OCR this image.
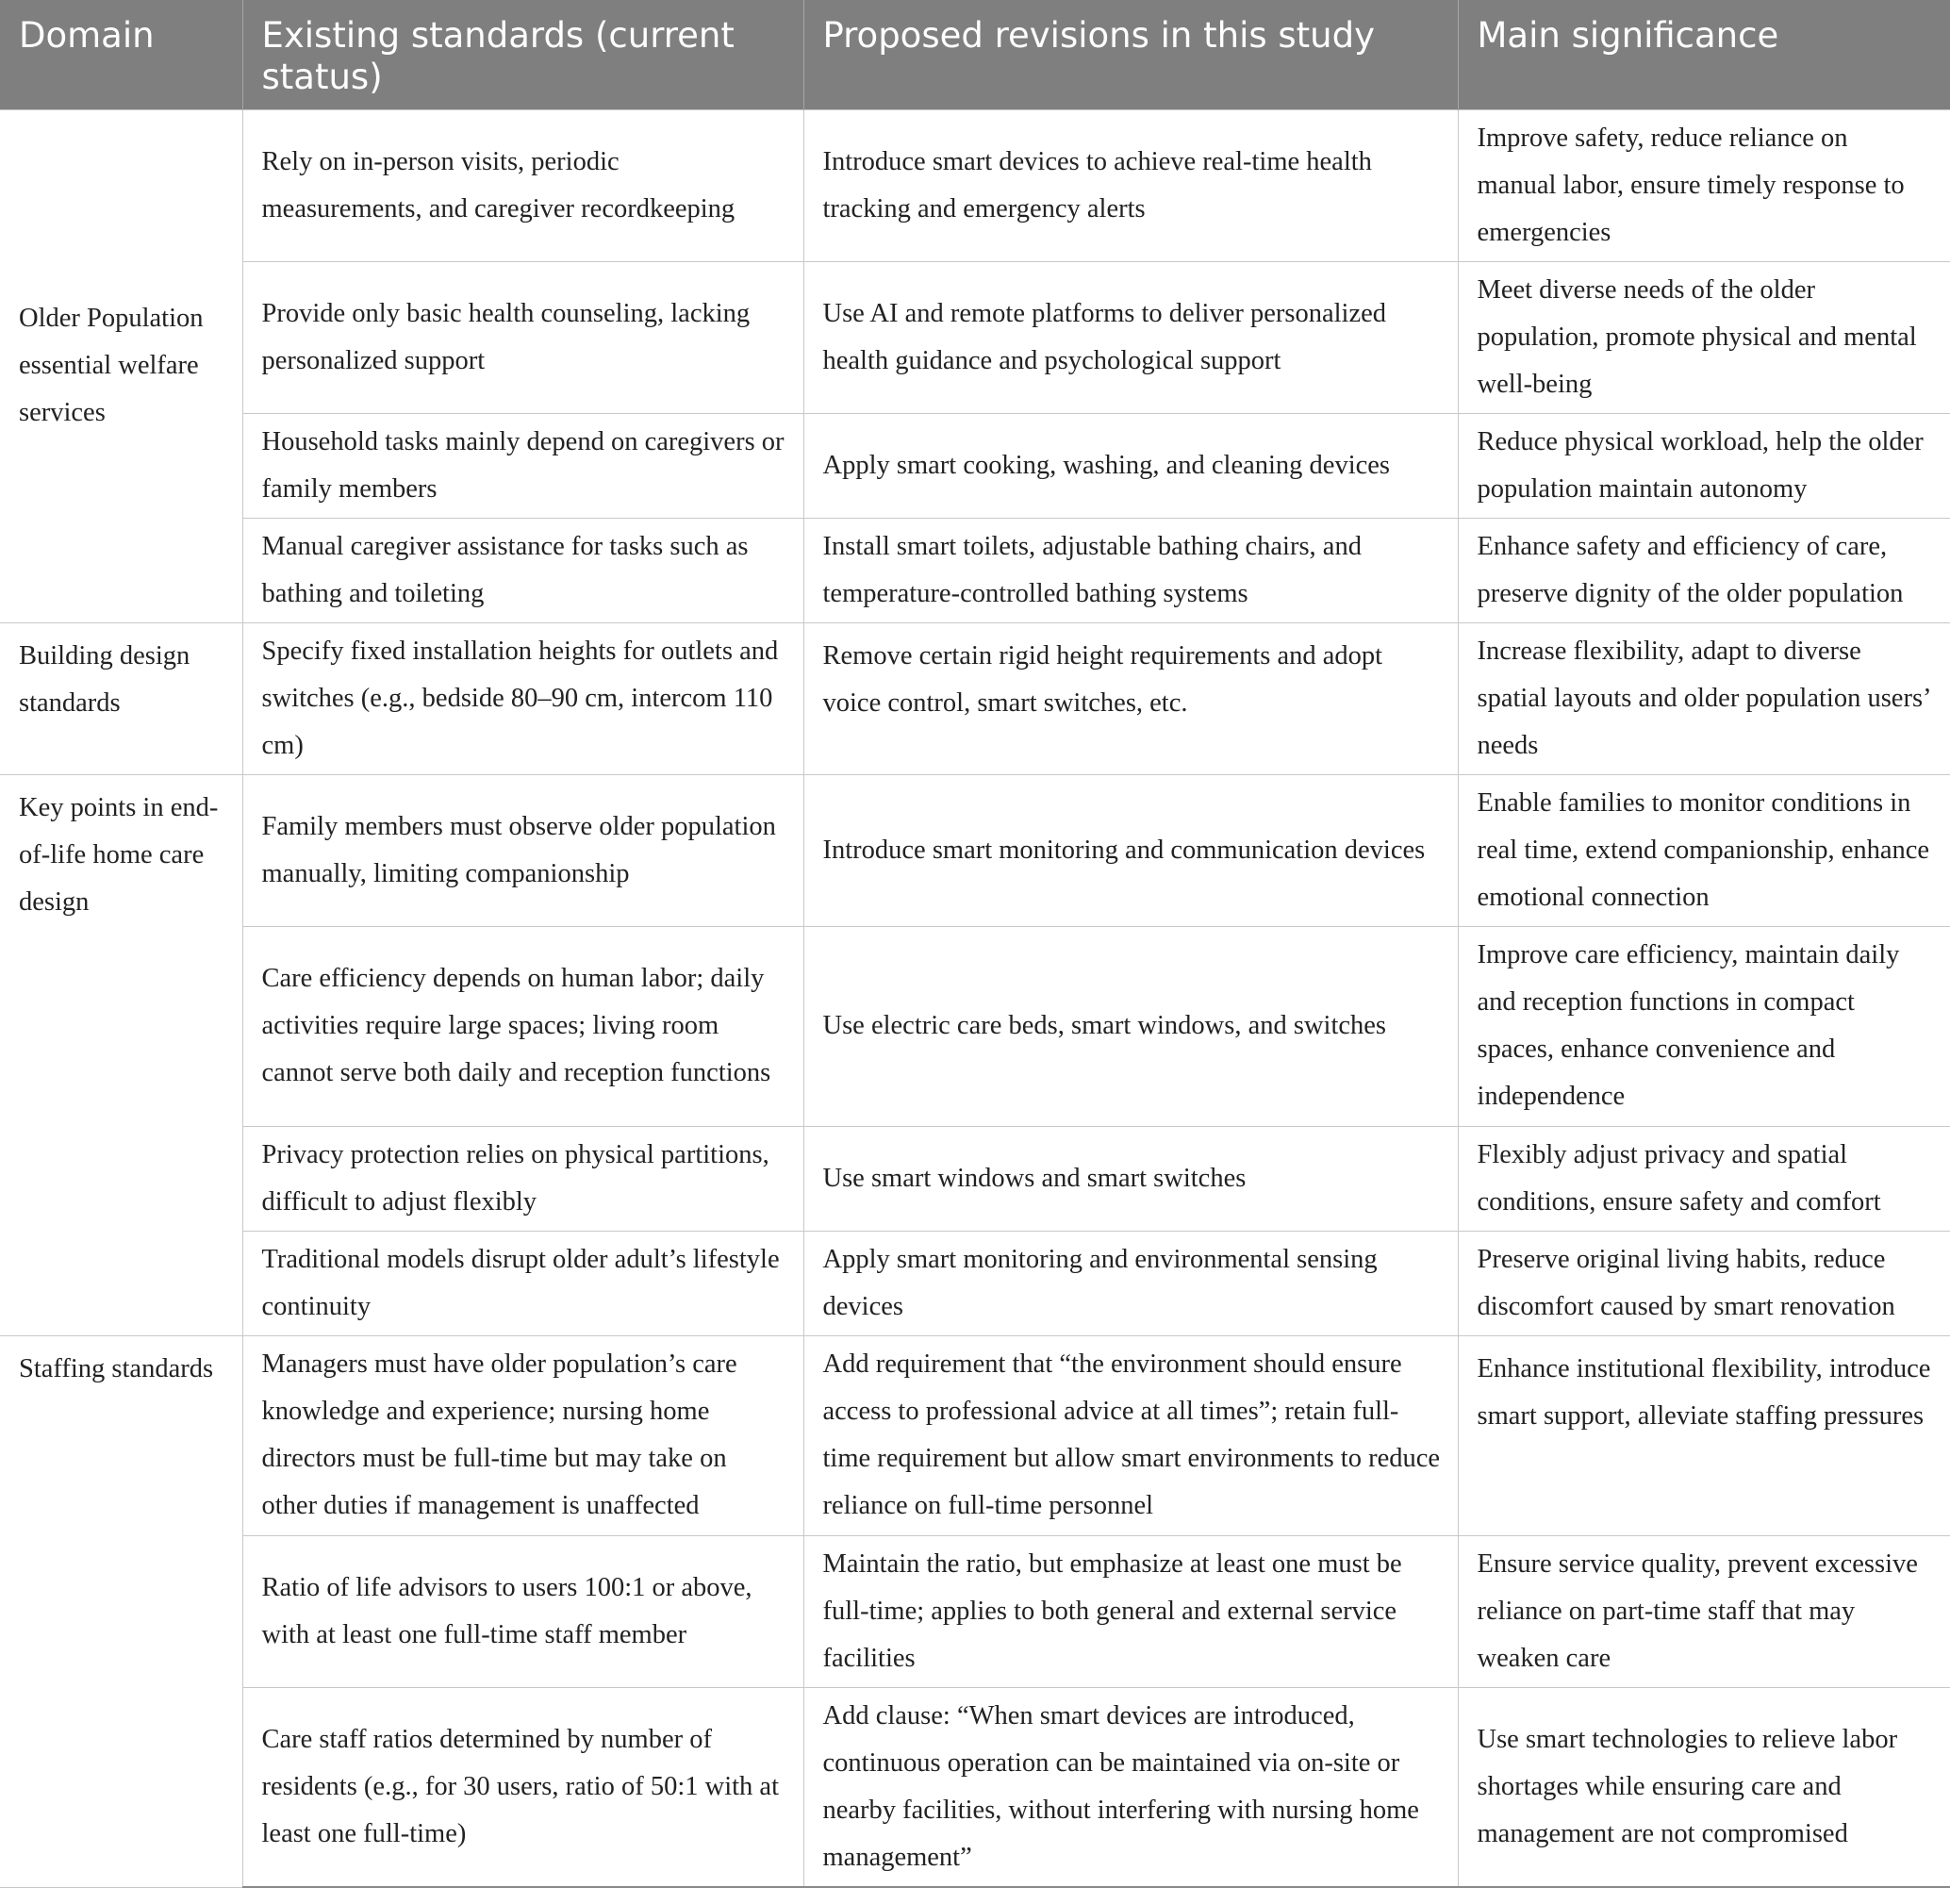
Domain	Existing standards (current status)	Proposed revisions in this study	Main significance
Older Population essential welfare services	Rely on in-person visits, periodic measurements, and caregiver recordkeeping	Introduce smart devices to achieve real-time health tracking and emergency alerts	Improve safety, reduce reliance on manual labor, ensure timely response to emergencies
	Provide only basic health counseling, lacking personalized support	Use AI and remote platforms to deliver personalized health guidance and psychological support	Meet diverse needs of the older population, promote physical and mental well-being
	Household tasks mainly depend on caregivers or family members	Apply smart cooking, washing, and cleaning devices	Reduce physical workload, help the older population maintain autonomy
	Manual caregiver assistance for tasks such as bathing and toileting	Install smart toilets, adjustable bathing chairs, and temperature-controlled bathing systems	Enhance safety and efficiency of care, preserve dignity of the older population
Building design standards	Specify fixed installation heights for outlets and switches (e.g., bedside 80–90 cm, intercom 110 cm)	Remove certain rigid height requirements and adopt voice control, smart switches, etc.	Increase flexibility, adapt to diverse spatial layouts and older population users’ needs
Key points in end-of-life home care design	Family members must observe older population manually, limiting companionship	Introduce smart monitoring and communication devices	Enable families to monitor conditions in real time, extend companionship, enhance emotional connection
	Care efficiency depends on human labor; daily activities require large spaces; living room cannot serve both daily and reception functions	Use electric care beds, smart windows, and switches	Improve care efficiency, maintain daily and reception functions in compact spaces, enhance convenience and independence
	Privacy protection relies on physical partitions, difficult to adjust flexibly	Use smart windows and smart switches	Flexibly adjust privacy and spatial conditions, ensure safety and comfort
	Traditional models disrupt older adult’s lifestyle continuity	Apply smart monitoring and environmental sensing devices	Preserve original living habits, reduce discomfort caused by smart renovation
Staffing standards	Managers must have older population’s care knowledge and experience; nursing home directors must be full-time but may take on other duties if management is unaffected	Add requirement that “the environment should ensure access to professional advice at all times”; retain full-time requirement but allow smart environments to reduce reliance on full-time personnel	Enhance institutional flexibility, introduce smart support, alleviate staffing pressures
	Ratio of life advisors to users 100:1 or above, with at least one full-time staff member	Maintain the ratio, but emphasize at least one must be full-time; applies to both general and external service facilities	Ensure service quality, prevent excessive reliance on part-time staff that may weaken care
	Care staff ratios determined by number of residents (e.g., for 30 users, ratio of 50:1 with at least one full-time)	Add clause: “When smart devices are introduced, continuous operation can be maintained via on-site or nearby facilities, without interfering with nursing home management”	Use smart technologies to relieve labor shortages while ensuring care and management are not compromised
